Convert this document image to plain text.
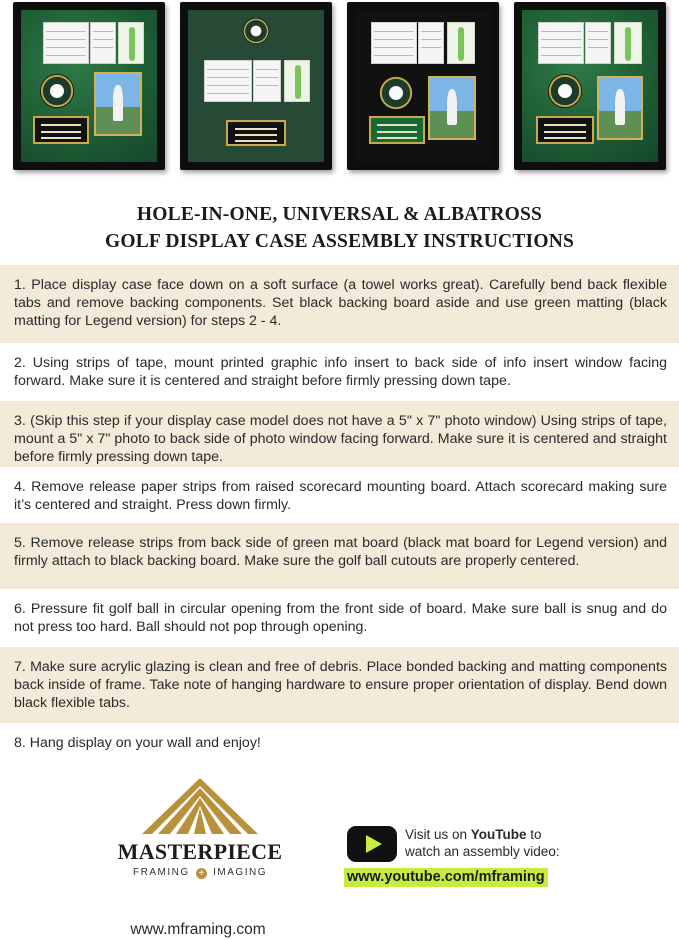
HOLE-IN-ONE, UNIVERSAL & ALBATROSS
GOLF DISPLAY CASE ASSEMBLY INSTRUCTIONS
1. Place display case face down on a soft surface (a towel works great). Carefully bend back flexible tabs and remove backing components. Set black backing board aside and use green matting (black matting for Legend version) for steps 2 - 4.
2. Using strips of tape, mount printed graphic info insert to back side of info insert window facing forward. Make sure it is centered and straight before firmly pressing down tape.
3. (Skip this step if your display case model does not have a 5" x 7" photo window) Using strips of tape, mount a 5" x 7" photo to back side of photo window facing forward. Make sure it is centered and straight before firmly pressing down tape.
4. Remove release paper strips from raised scorecard mounting board. Attach scorecard making sure it’s centered and straight. Press down firmly.
5. Remove release strips from back side of green mat board (black mat board for Legend version) and firmly attach to black backing board. Make sure the golf ball cutouts are properly centered.
6. Pressure fit golf ball in circular opening from the front side of board. Make sure ball is snug and do not press too hard. Ball should not pop through opening.
7. Make sure acrylic glazing is clean and free of debris. Place bonded backing and matting components back inside of frame. Take note of hanging hardware to ensure proper orientation of display. Bend down black flexible tabs.
8. Hang display on your wall and enjoy!
MASTERPIECE
FRAMING + IMAGING
www.mframing.com
Visit us on YouTube to
watch an assembly video:
www.youtube.com/mframing
